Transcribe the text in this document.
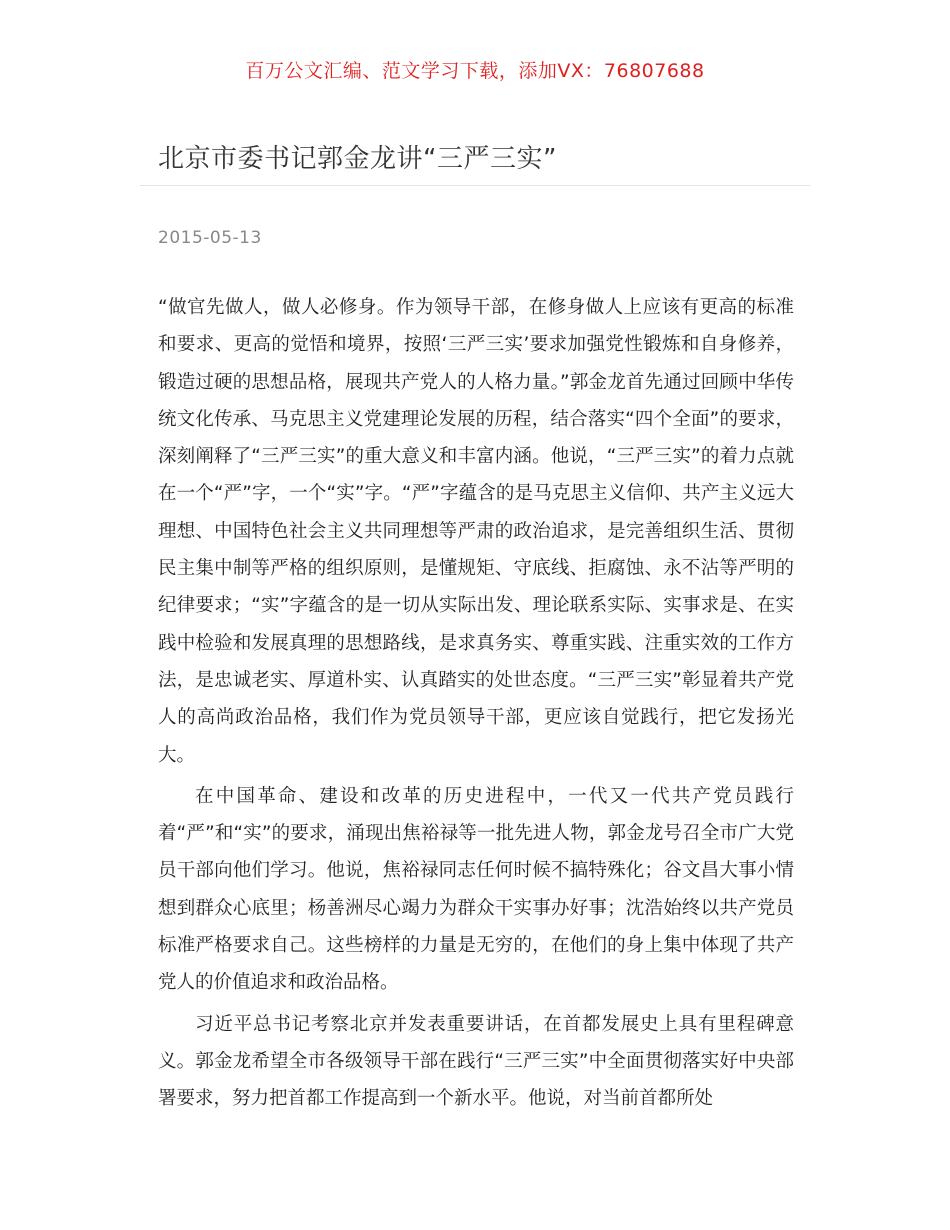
百万公文汇编、范文学习下载，添加VX：76807688
北京市委书记郭金龙讲“三严三实”
2015-05-13

“做官先做人，做人必修身。作为领导干部，在修身做人上应该有更高的标准和要求、更高的觉悟和境界，按照‘三严三实’要求加强党性锻炼和自身修养，锻造过硬的思想品格，展现共产党人的人格力量。”郭金龙首先通过回顾中华传统文化传承、马克思主义党建理论发展的历程，结合落实“四个全面”的要求，深刻阐释了“三严三实”的重大意义和丰富内涵。他说，“三严三实”的着力点就在一个“严”字，一个“实”字。“严”字蕴含的是马克思主义信仰、共产主义远大理想、中国特色社会主义共同理想等严肃的政治追求，是完善组织生活、贯彻民主集中制等严格的组织原则，是懂规矩、守底线、拒腐蚀、永不沾等严明的纪律要求；“实”字蕴含的是一切从实际出发、理论联系实际、实事求是、在实践中检验和发展真理的思想路线，是求真务实、尊重实践、注重实效的工作方法，是忠诚老实、厚道朴实、认真踏实的处世态度。“三严三实”彰显着共产党人的高尚政治品格，我们作为党员领导干部，更应该自觉践行，把它发扬光大。

在中国革命、建设和改革的历史进程中，一代又一代共产党员践行着“严”和“实”的要求，涌现出焦裕禄等一批先进人物，郭金龙号召全市广大党员干部向他们学习。他说，焦裕禄同志任何时候不搞特殊化；谷文昌大事小情想到群众心底里；杨善洲尽心竭力为群众干实事办好事；沈浩始终以共产党员标准严格要求自己。这些榜样的力量是无穷的，在他们的身上集中体现了共产党人的价值追求和政治品格。

习近平总书记考察北京并发表重要讲话，在首都发展史上具有里程碑意义。郭金龙希望全市各级领导干部在践行“三严三实”中全面贯彻落实好中央部署要求，努力把首都工作提高到一个新水平。他说，对当前首都所处
